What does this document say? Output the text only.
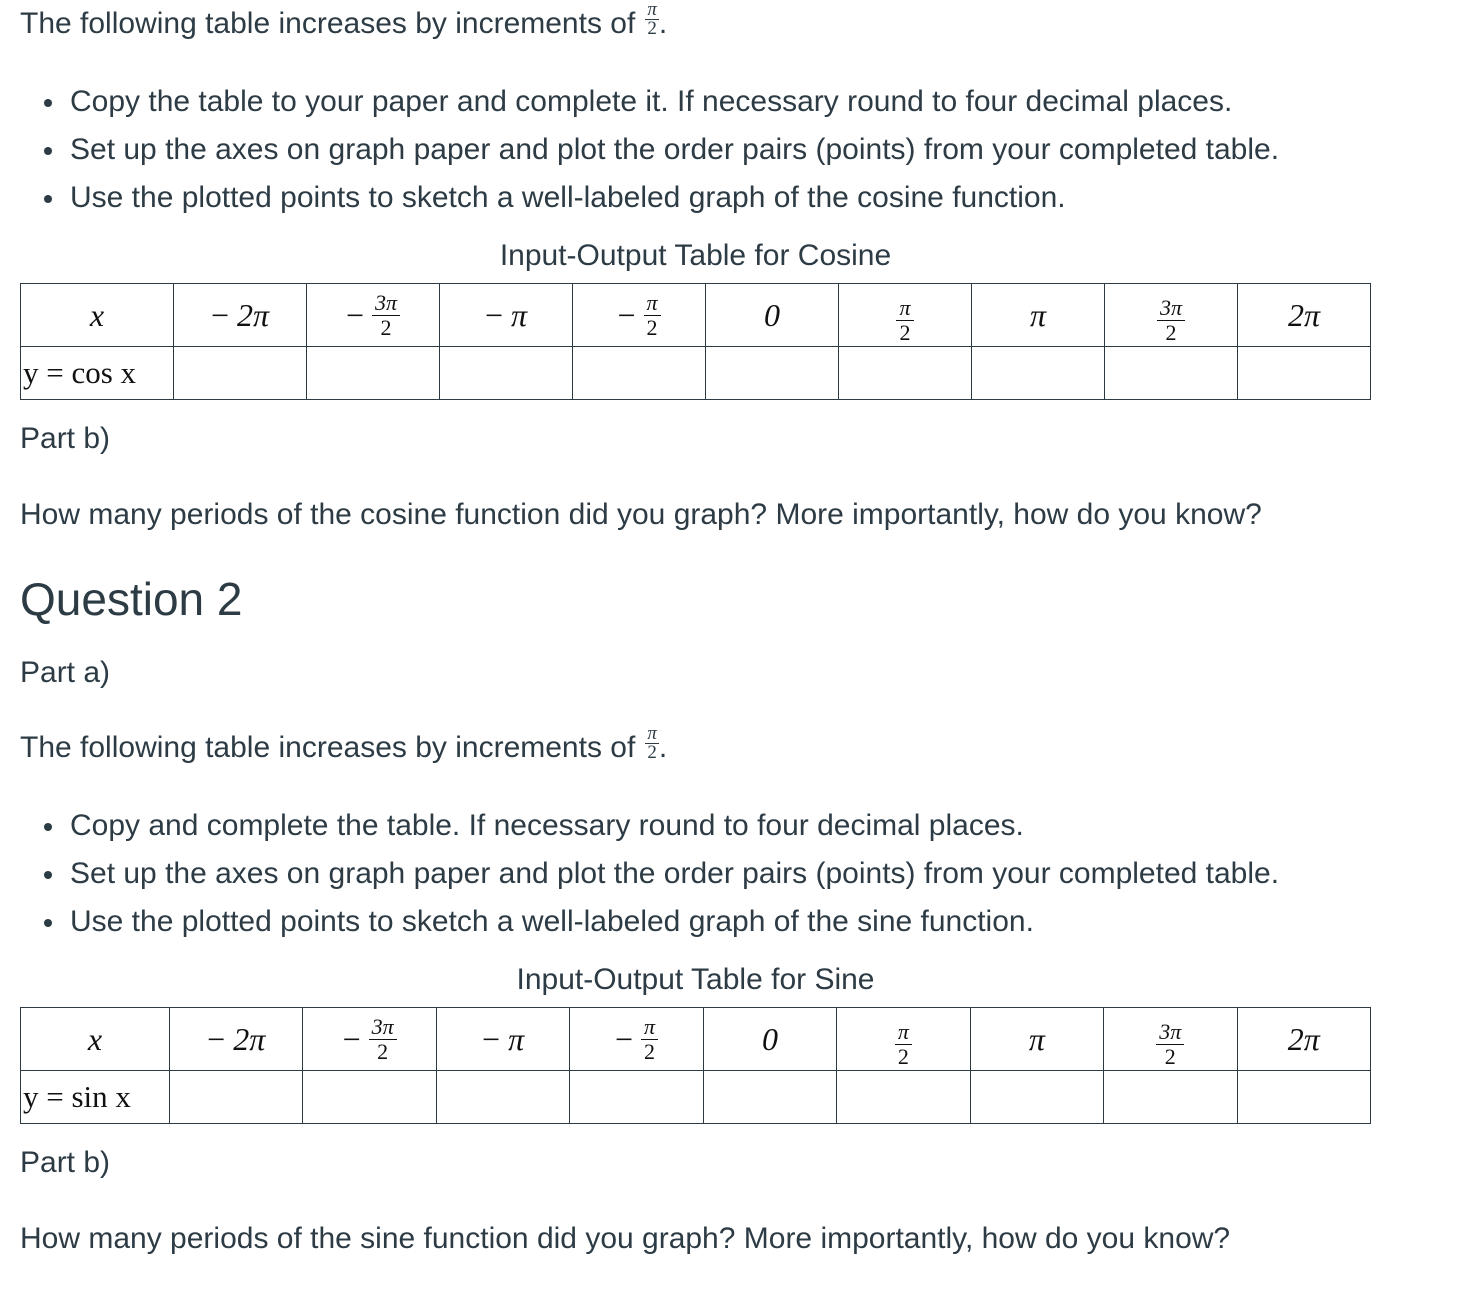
The following table increases by increments of $\frac{\pi}{2}$ .
Copy the table to your paper and complete it. If necessary round to four decimal places.
Set up the axes on graph paper and plot the order pairs (points) from your completed table.
Use the plotted points to sketch a well-labeled graph of the cosine function.
Input-Output Table for Cosine
x	− 2π	− $\frac{3\pi}{2}$	− π	− $\frac{\pi}{2}$	0	$\frac{\pi}{2}$	π	$\frac{3\pi}{2}$	2π

y = cos x									
Part b)
How many periods of the cosine function did you graph? More importantly, how do you know?
Question 2
Part a)
The following table increases by increments of $\frac{\pi}{2}$ .
Copy and complete the table. If necessary round to four decimal places.
Set up the axes on graph paper and plot the order pairs (points) from your completed table.
Use the plotted points to sketch a well-labeled graph of the sine function.
Input-Output Table for Sine
x	− 2π	− $\frac{3\pi}{2}$	− π	− $\frac{\pi}{2}$	0	$\frac{\pi}{2}$	π	$\frac{3\pi}{2}$	2π

y = sin x									
Part b)
How many periods of the sine function did you graph? More importantly, how do you know?
